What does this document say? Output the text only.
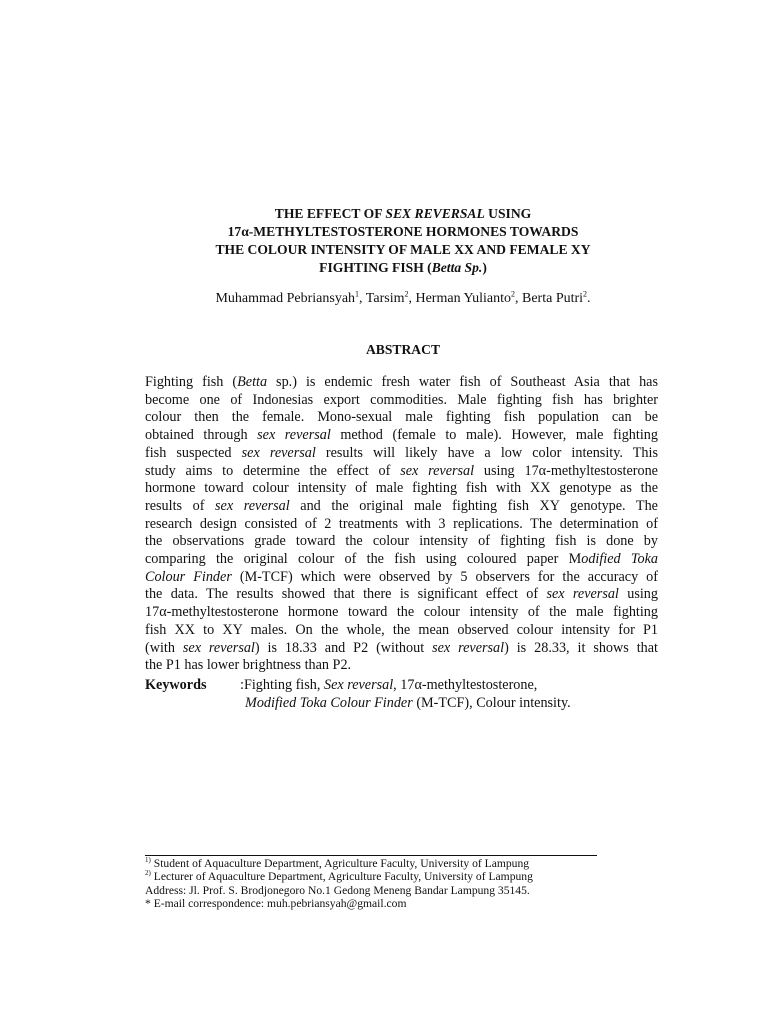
THE EFFECT OF SEX REVERSAL USING
17α-METHYLTESTOSTERONE HORMONES TOWARDS
THE COLOUR INTENSITY OF MALE XX AND FEMALE XY
FIGHTING FISH (Betta Sp.)
Muhammad Pebriansyah$^1$, Tarsim$^2$, Herman Yulianto$^2$, Berta Putri$^2$.
ABSTRACT
Fighting fish (Betta sp.) is endemic fresh water fish of Southeast Asia that has
become one of Indonesias export commodities. Male fighting fish has brighter
colour then the female. Mono-sexual male fighting fish population can be
obtained through sex reversal method (female to male). However, male fighting
fish suspected sex reversal results will likely have a low color intensity. This
study aims to determine the effect of sex reversal using 17α-methyltestosterone
hormone toward colour intensity of male fighting fish with XX genotype as the
results of sex reversal and the original male fighting fish XY genotype. The
research design consisted of 2 treatments with 3 replications. The determination of
the observations grade toward the colour intensity of fighting fish is done by
comparing the original colour of the fish using coloured paper Modified Toka
Colour Finder (M-TCF) which were observed by 5 observers for the accuracy of
the data. The results showed that there is significant effect of sex reversal using
17α-methyltestosterone hormone toward the colour intensity of the male fighting
fish XX to XY males. On the whole, the mean observed colour intensity for P1
(with sex reversal) is 18.33 and P2 (without sex reversal) is 28.33, it shows that
the P1 has lower brightness than P2.
Keywords :Fighting fish, Sex reversal, 17α-methyltestosterone,
Modified Toka Colour Finder (M-TCF), Colour intensity.
$^{1)}$ Student of Aquaculture Department, Agriculture Faculty, University of Lampung
$^{2)}$ Lecturer of Aquaculture Department, Agriculture Faculty, University of Lampung
Address: Jl. Prof. S. Brodjonegoro No.1 Gedong Meneng Bandar Lampung 35145.
* E-mail correspondence: muh.pebriansyah@gmail.com
